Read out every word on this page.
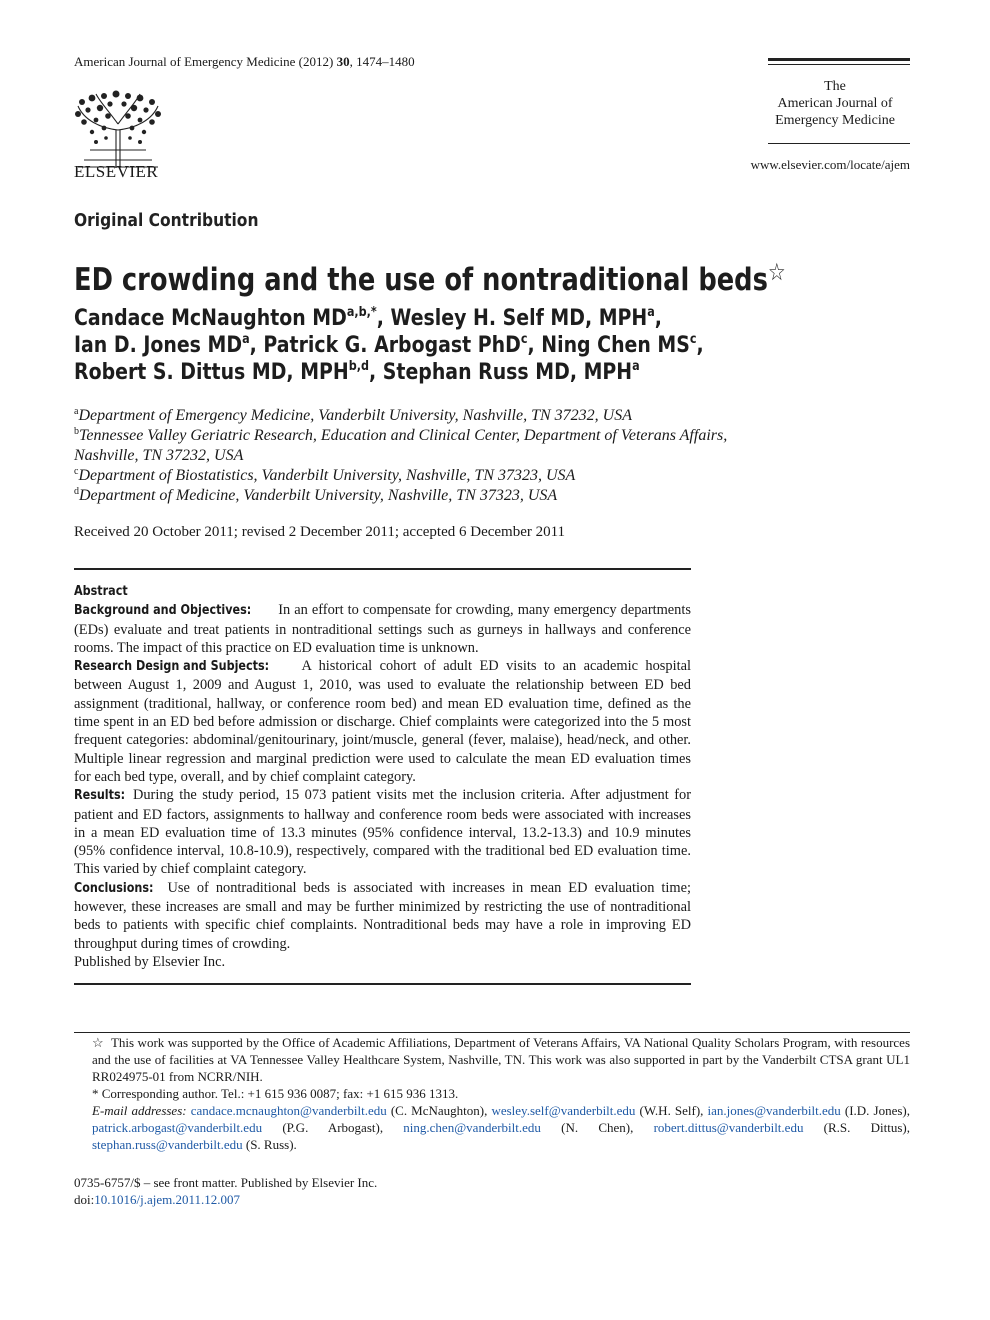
American Journal of Emergency Medicine (2012) 30, 1474–1480
ELSEVIER
The
American Journal of
Emergency Medicine
www.elsevier.com/locate/ajem
Original Contribution
ED crowding and the use of nontraditional beds☆
Candace McNaughton $MD^{a,b,*}$, Wesley H. Self MD, MPH$^a$,
Ian D. Jones $MD^a$, Patrick G. Arbogast PhD$^c$, Ning Chen $MS^c$,
Robert S. Dittus MD, MPH$^{b,d}$, Stephan Russ MD, MPH$^a$
$^a$Department of Emergency Medicine, Vanderbilt University, Nashville, TN 37232, USA
$^b$Tennessee Valley Geriatric Research, Education and Clinical Center, Department of Veterans Affairs, Nashville, TN 37232, USA
$^c$Department of Biostatistics, Vanderbilt University, Nashville, TN 37323, USA
$^d$Department of Medicine, Vanderbilt University, Nashville, TN 37323, USA
Received 20 October 2011; revised 2 December 2011; accepted 6 December 2011
Abstract

Background and Objectives: In an effort to compensate for crowding, many emergency departments (EDs) evaluate and treat patients in nontraditional settings such as gurneys in hallways and conference rooms. The impact of this practice on ED evaluation time is unknown.

Research Design and Subjects: A historical cohort of adult ED visits to an academic hospital between August 1, 2009 and August 1, 2010, was used to evaluate the relationship between ED bed assignment (traditional, hallway, or conference room bed) and mean ED evaluation time, defined as the time spent in an ED bed before admission or discharge. Chief complaints were categorized into the 5 most frequent categories: abdominal/genitourinary, joint/muscle, general (fever, malaise), head/neck, and other. Multiple linear regression and marginal prediction were used to calculate the mean ED evaluation times for each bed type, overall, and by chief complaint category.

Results: During the study period, 15 073 patient visits met the inclusion criteria. After adjustment for patient and ED factors, assignments to hallway and conference room beds were associated with increases in a mean ED evaluation time of 13.3 minutes (95% confidence interval, 13.2-13.3) and 10.9 minutes (95% confidence interval, 10.8-10.9), respectively, compared with the traditional bed ED evaluation time. This varied by chief complaint category.

Conclusions: Use of nontraditional beds is associated with increases in mean ED evaluation time; however, these increases are small and may be further minimized by restricting the use of nontraditional beds to patients with specific chief complaints. Nontraditional beds may have a role in improving ED throughput during times of crowding.

Published by Elsevier Inc.

☆ This work was supported by the Office of Academic Affiliations, Department of Veterans Affairs, VA National Quality Scholars Program, with resources and the use of facilities at VA Tennessee Valley Healthcare System, Nashville, TN. This work was also supported in part by the Vanderbilt CTSA grant UL1 RR024975-01 from NCRR/NIH.

* Corresponding author. Tel.: +1 615 936 0087; fax: +1 615 936 1313.

E-mail addresses: candace.mcnaughton@vanderbilt.edu (C. McNaughton), wesley.self@vanderbilt.edu (W.H. Self), ian.jones@vanderbilt.edu (I.D. Jones), patrick.arbogast@vanderbilt.edu (P.G. Arbogast), ning.chen@vanderbilt.edu (N. Chen), robert.dittus@vanderbilt.edu (R.S. Dittus), stephan.russ@vanderbilt.edu (S. Russ).

0735-6757/$ – see front matter. Published by Elsevier Inc.

doi:10.1016/j.ajem.2011.12.007
